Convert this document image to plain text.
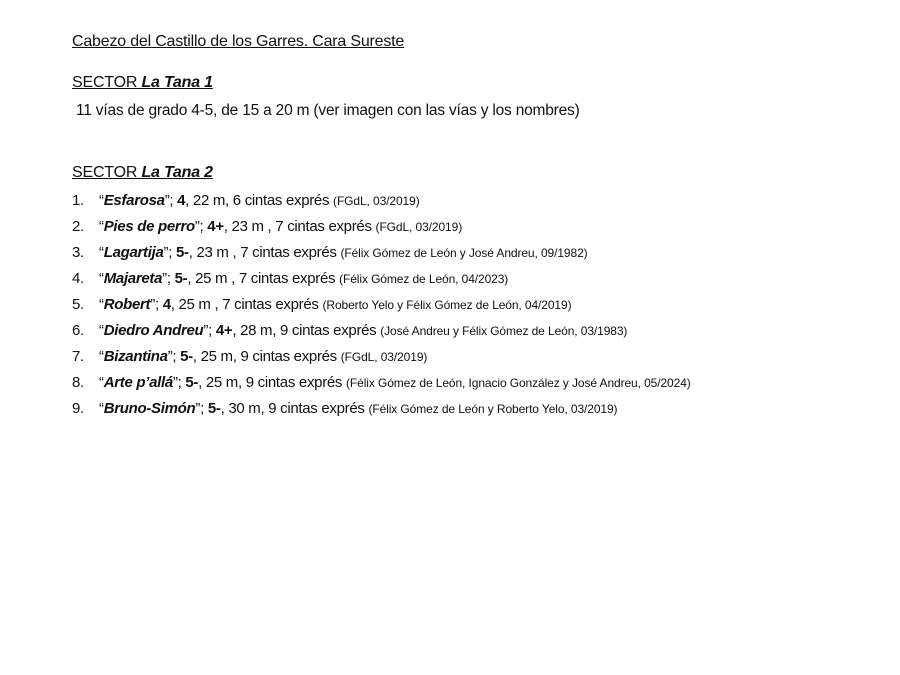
Cabezo del Castillo de los Garres. Cara Sureste
SECTOR La Tana 1
11 vías de grado 4-5, de 15 a 20 m (ver imagen con las vías y los nombres)
SECTOR La Tana 2
1. “Esfarosa”; 4, 22 m, 6 cintas exprés (FGdL, 03/2019)
2. “Pies de perro”; 4+, 23 m , 7 cintas exprés (FGdL, 03/2019)
3. “Lagartija”; 5-, 23 m , 7 cintas exprés (Félix Gómez de León y José Andreu, 09/1982)
4. “Majareta”; 5-, 25 m , 7 cintas exprés (Félix Gómez de León, 04/2023)
5. “Robert”; 4, 25 m , 7 cintas exprés (Roberto Yelo y Félix Gómez de León, 04/2019)
6. “Diedro Andreu”; 4+, 28 m, 9 cintas exprés (José Andreu y Félix Gómez de León, 03/1983)
7. “Bizantina”; 5-, 25 m, 9 cintas exprés (FGdL, 03/2019)
8. “Arte p’allá”; 5-, 25 m, 9 cintas exprés (Félix Gómez de León, Ignacio González y José Andreu, 05/2024)
9. “Bruno-Simón”; 5-, 30 m, 9 cintas exprés (Félix Gómez de León y Roberto Yelo, 03/2019)
